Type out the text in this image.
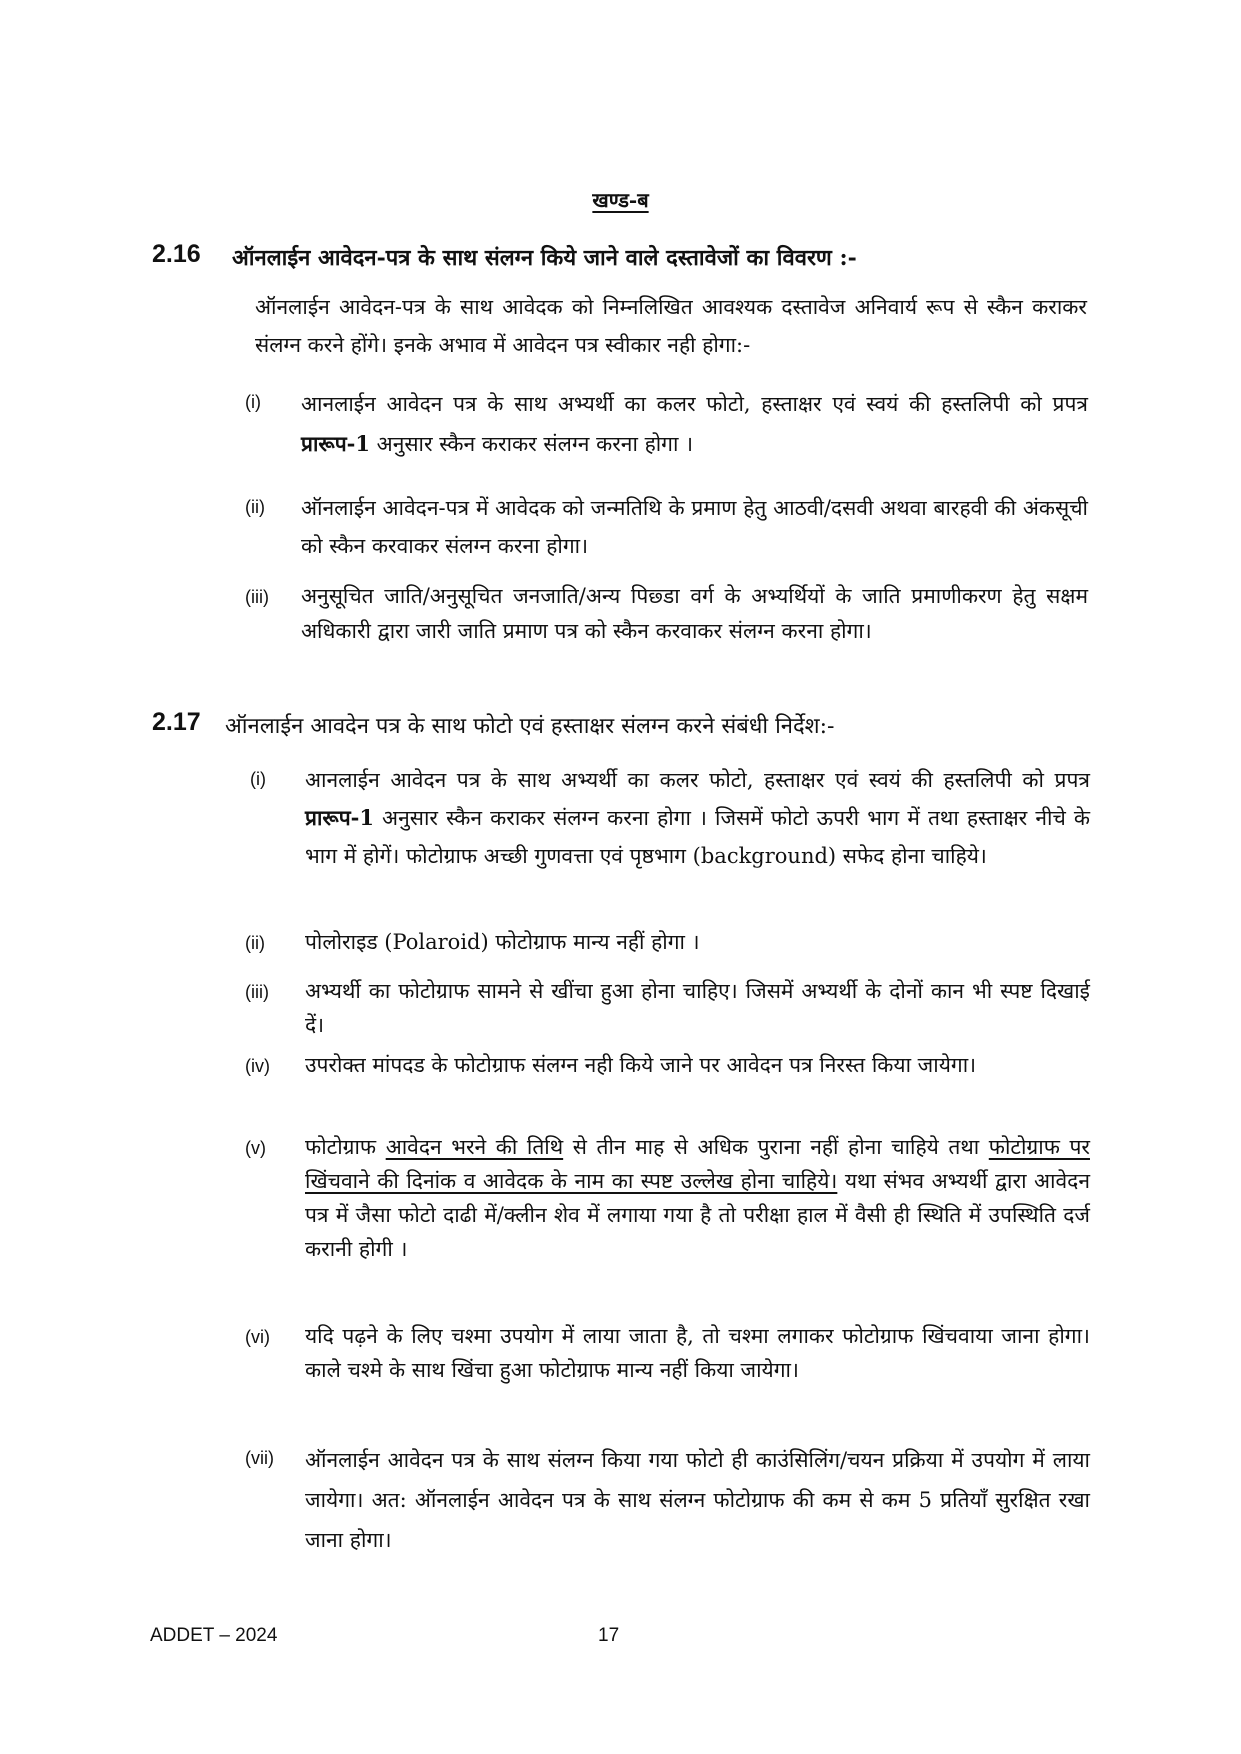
खण्ड-ब
2.16 ऑनलाईन आवेदन-पत्र के साथ संलग्न किये जाने वाले दस्तावेजों का विवरण :-
ऑनलाईन आवेदन-पत्र के साथ आवेदक को निम्नलिखित आवश्यक दस्तावेज अनिवार्य रूप से स्कैन कराकर संलग्न करने होंगे। इनके अभाव में आवेदन पत्र स्वीकार नही होगा:-
(i) आनलाईन आवेदन पत्र के साथ अभ्यर्थी का कलर फोटो, हस्ताक्षर एवं स्वयं की हस्तलिपी को प्रपत्र प्रारूप-1 अनुसार स्कैन कराकर संलग्न करना होगा ।
(ii) ऑनलाईन आवेदन-पत्र में आवेदक को जन्मतिथि के प्रमाण हेतु आठवी/दसवी अथवा बारहवी की अंकसूची को स्कैन करवाकर संलग्न करना होगा।
(iii) अनुसूचित जाति/अनुसूचित जनजाति/अन्य पिछ्डा वर्ग के अभ्यर्थियों के जाति प्रमाणीकरण हेतु सक्षम अधिकारी द्वारा जारी जाति प्रमाण पत्र को स्कैन करवाकर संलग्न करना होगा।
2.17 ऑनलाईन आवदेन पत्र के साथ फोटो एवं हस्ताक्षर संलग्न करने संबंधी निर्देश:-
(i) आनलाईन आवेदन पत्र के साथ अभ्यर्थी का कलर फोटो, हस्ताक्षर एवं स्वयं की हस्तलिपी को प्रपत्र प्रारूप-1 अनुसार स्कैन कराकर संलग्न करना होगा । जिसमें फोटो ऊपरी भाग में तथा हस्ताक्षर नीचे के भाग में होगें। फोटोग्राफ अच्छी गुणवत्ता एवं पृष्ठभाग (background) सफेद होना चाहिये।
(ii) पोलोराइड (Polaroid) फोटोग्राफ मान्य नहीं होगा ।
(iii) अभ्यर्थी का फोटोग्राफ सामने से खींचा हुआ होना चाहिए। जिसमें अभ्यर्थी के दोनों कान भी स्पष्ट दिखाई दें।
(iv) उपरोक्त मांपदड के फोटोग्राफ संलग्न नही किये जाने पर आवेदन पत्र निरस्त किया जायेगा।
(v) फोटोग्राफ आवेदन भरने की तिथि से तीन माह से अधिक पुराना नहीं होना चाहिये तथा फोटोग्राफ पर खिंचवाने की दिनांक व आवेदक के नाम का स्पष्ट उल्लेख होना चाहिये। यथा संभव अभ्यर्थी द्वारा आवेदन पत्र में जैसा फोटो दाढी में/क्लीन शेव में लगाया गया है तो परीक्षा हाल में वैसी ही स्थिति में उपस्थिति दर्ज करानी होगी ।
(vi) यदि पढ़ने के लिए चश्मा उपयोग में लाया जाता है, तो चश्मा लगाकर फोटोग्राफ खिंचवाया जाना होगा। काले चश्मे के साथ खिंचा हुआ फोटोग्राफ मान्य नहीं किया जायेगा।
(vii) ऑनलाईन आवेदन पत्र के साथ संलग्न किया गया फोटो ही काउंसिलिंग/चयन प्रक्रिया में उपयोग में लाया जायेगा। अत: ऑनलाईन आवेदन पत्र के साथ संलग्न फोटोग्राफ की कम से कम 5 प्रतियाँ सुरक्षित रखा जाना होगा।
ADDET – 2024	17
